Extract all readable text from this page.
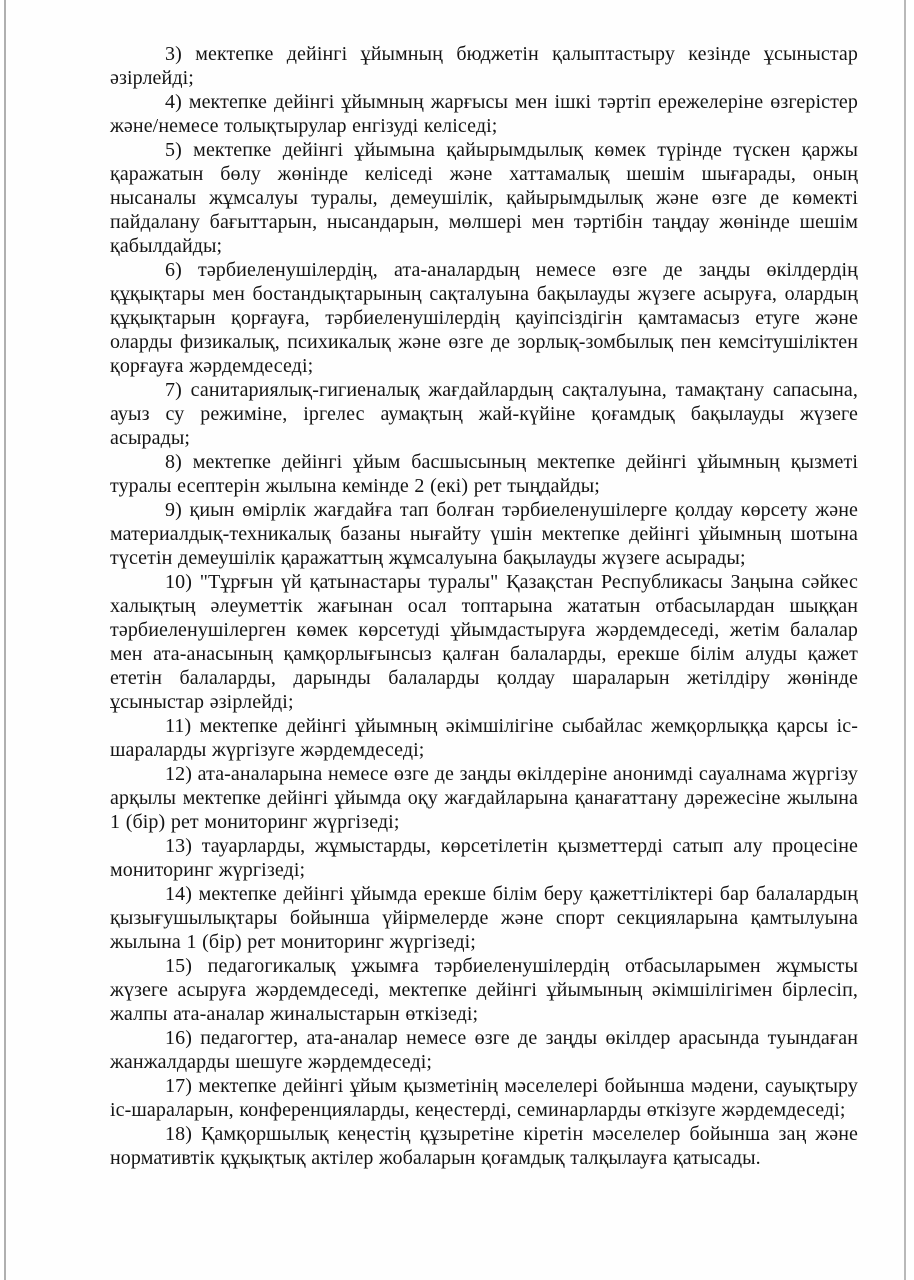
3) мектепке дейінгі ұйымның бюджетін қалыптастыру кезінде ұсыныстар әзірлейді;

4) мектепке дейінгі ұйымның жарғысы мен ішкі тәртіп ережелеріне өзгерістер және/немесе толықтырулар енгізуді келіседі;

5) мектепке дейінгі ұйымына қайырымдылық көмек түрінде түскен қаржы қаражатын бөлу жөнінде келіседі және хаттамалық шешім шығарады, оның нысаналы жұмсалуы туралы, демеушілік, қайырымдылық және өзге де көмекті пайдалану бағыттарын, нысандарын, мөлшері мен тәртібін таңдау жөнінде шешім қабылдайды;

6) тәрбиеленушілердің, ата-аналардың немесе өзге де заңды өкілдердің құқықтары мен бостандықтарының сақталуына бақылауды жүзеге асыруға, олардың құқықтарын қорғауға, тәрбиеленушілердің қауіпсіздігін қамтамасыз етуге және оларды физикалық, психикалық және өзге де зорлық-зомбылық пен кемсітушіліктен қорғауға жәрдемдеседі;

7) санитариялық-гигиеналық жағдайлардың сақталуына, тамақтану сапасына, ауыз су режиміне, іргелес аумақтың жай-күйіне қоғамдық бақылауды жүзеге асырады;

8) мектепке дейінгі ұйым басшысының мектепке дейінгі ұйымның қызметі туралы есептерін жылына кемінде 2 (екі) рет тыңдайды;

9) қиын өмірлік жағдайға тап болған тәрбиеленушілерге қолдау көрсету және материалдық-техникалық базаны нығайту үшін мектепке дейінгі ұйымның шотына түсетін демеушілік қаражаттың жұмсалуына бақылауды жүзеге асырады;

10) "Тұрғын үй қатынастары туралы" Қазақстан Республикасы Заңына сәйкес халықтың әлеуметтік жағынан осал топтарына жататын отбасылардан шыққан тәрбиеленушілерген көмек көрсетуді ұйымдастыруға жәрдемдеседі, жетім балалар мен ата-анасының қамқорлығынсыз қалған балаларды, ерекше білім алуды қажет ететін балаларды, дарынды балаларды қолдау шараларын жетілдіру жөнінде ұсыныстар әзірлейді;

11) мектепке дейінгі ұйымның әкімшілігіне сыбайлас жемқорлыққа қарсы іс-шараларды жүргізуге жәрдемдеседі;

12) ата-аналарына немесе өзге де заңды өкілдеріне анонимді сауалнама жүргізу арқылы мектепке дейінгі ұйымда оқу жағдайларына қанағаттану дәрежесіне жылына 1 (бір) рет мониторинг жүргізеді;

13) тауарларды, жұмыстарды, көрсетілетін қызметтерді сатып алу процесіне мониторинг жүргізеді;

14) мектепке дейінгі ұйымда ерекше білім беру қажеттіліктері бар балалардың қызығушылықтары бойынша үйірмелерде және спорт секцияларына қамтылуына жылына 1 (бір) рет мониторинг жүргізеді;

15) педагогикалық ұжымға тәрбиеленушілердің отбасыларымен жұмысты жүзеге асыруға жәрдемдеседі, мектепке дейінгі ұйымының әкімшілігімен бірлесіп, жалпы ата-аналар жиналыстарын өткізеді;

16) педагогтер, ата-аналар немесе өзге де заңды өкілдер арасында туындаған жанжалдарды шешуге жәрдемдеседі;

17) мектепке дейінгі ұйым қызметінің мәселелері бойынша мәдени, сауықтыру іс-шараларын, конференцияларды, кеңестерді, семинарларды өткізуге жәрдемдеседі;

18) Қамқоршылық кеңестің құзыретіне кіретін мәселелер бойынша заң және нормативтік құқықтық актілер жобаларын қоғамдық талқылауға қатысады.
